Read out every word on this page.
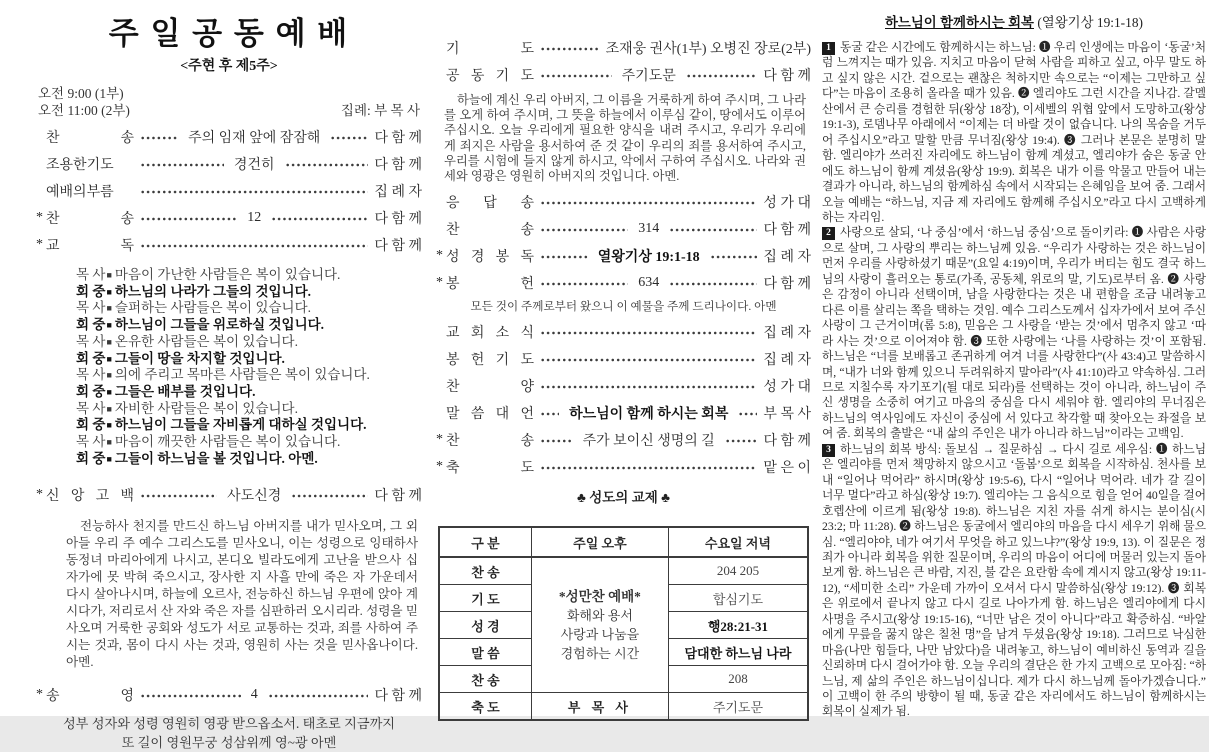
주 일 공 동 예 배
<주현 후 제5주>
오전 9:00 (1부)
오전 11:00 (2부)	집례: 부 목 사
찬 송	주의 임재 앞에 잠잠해	다 함 께
조용한기도	경건히	다 함 께
예배의부름	집 례 자
* 찬 송	12	다 함 께
* 교 독	다 함 께
목 사■ 마음이 가난한 사람들은 복이 있습니다.
회 중■ 하느님의 나라가 그들의 것입니다.
목 사■ 슬퍼하는 사람들은 복이 있습니다.
회 중■ 하느님이 그들을 위로하실 것입니다.
목 사■ 온유한 사람들은 복이 있습니다.
회 중■ 그들이 땅을 차지할 것입니다.
목 사■ 의에 주리고 목마른 사람들은 복이 있습니다.
회 중■ 그들은 배부를 것입니다.
목 사■ 자비한 사람들은 복이 있습니다.
회 중■ 하느님이 그들을 자비롭게 대하실 것입니다.
목 사■ 마음이 깨끗한 사람들은 복이 있습니다.
회 중■ 그들이 하느님을 볼 것입니다. 아멘.
* 신 앙 고 백	사도신경	다 함 께
전능하사 천지를 만드신 하느님 아버지를 내가 믿사오며, 그 외아들 우리 주 예수 그리스도를 믿사오니, 이는 성령으로 잉태하사 동정녀 마리아에게 나시고, 본디오 빌라도에게 고난을 받으사 십자가에 못 박혀 죽으시고, 장사한 지 사흘 만에 죽은 자 가운데서 다시 살아나시며, 하늘에 오르사, 전능하신 하느님 우편에 앉아 계시다가, 저리로서 산 자와 죽은 자를 심판하러 오시리라. 성령을 믿사오며 거룩한 공회와 성도가 서로 교통하는 것과, 죄를 사하여 주시는 것과, 몸이 다시 사는 것과, 영원히 사는 것을 믿사옵나이다. 아멘.
* 송 영	4	다 함 께
성부 성자와 성령 영원히 영광 받으옵소서. 태초로 지금까지
또 길이 영원무궁 성삼위께 영~광 아멘
기 도	조재웅 권사(1부) 오병진 장로(2부)
공 동 기 도	주기도문	다 함 께
하늘에 계신 우리 아버지, 그 이름을 거룩하게 하여 주시며, 그 나라를 오게 하여 주시며, 그 뜻을 하늘에서 이루심 같이, 땅에서도 이루어 주십시오. 오늘 우리에게 필요한 양식을 내려 주시고, 우리가 우리에게 죄지은 사람을 용서하여 준 것 같이 우리의 죄를 용서하여 주시고, 우리를 시험에 들지 않게 하시고, 악에서 구하여 주십시오. 나라와 권세와 영광은 영원히 아버지의 것입니다. 아멘.
응 답 송	성 가 대
찬 송	314	다 함 께
* 성 경 봉 독	열왕기상 19:1-18	집 례 자
* 봉 헌	634	다 함 께
모든 것이 주께로부터 왔으니 이 예물을 주께 드리나이다. 아멘
교 회 소 식	집 례 자
봉 헌 기 도	집 례 자
찬 양	성 가 대
말 씀 대 언	하느님이 함께 하시는 회복	부 목 사
* 찬 송	주가 보이신 생명의 길	다 함 께
* 축 도	맡 은 이
♣ 성도의 교제 ♣
구 분	주일 오후	수요일 저녁
찬 송	*성만찬 예배*
화해와 용서
사랑과 나눔을
경험하는 시간	204 205
기 도		합심기도
성 경		행28:21-31
말 씀		담대한 하느님 나라
찬 송		208
축 도	부 목 사	주기도문
하느님이 함께하시는 회복 (열왕기상 19:1-18)

1 동굴 같은 시간에도 함께하시는 하느님: ❶ 우리 인생에는 마음이 ‘동굴’처럼 느껴지는 때가 있음. 지치고 마음이 닫혀 사람을 피하고 싶고, 아무 말도 하고 싶지 않은 시간. 겉으로는 괜찮은 척하지만 속으로는 “이제는 그만하고 싶다”는 마음이 조용히 올라올 때가 있음. ❷ 엘리야도 그런 시간을 지나감. 갈멜산에서 큰 승리를 경험한 뒤(왕상 18장), 이세벨의 위협 앞에서 도망하고(왕상 19:1-3), 로뎀나무 아래에서 “이제는 더 바랄 것이 없습니다. 나의 목숨을 거두어 주십시오”라고 말할 만큼 무너짐(왕상 19:4). ❸ 그러나 본문은 분명히 말함. 엘리야가 쓰러진 자리에도 하느님이 함께 계셨고, 엘리야가 숨은 동굴 안에도 하느님이 함께 계셨음(왕상 19:9). 회복은 내가 이를 악물고 만들어 내는 결과가 아니라, 하느님의 함께하심 속에서 시작되는 은혜임을 보여 줌. 그래서 오늘 예배는 “하느님, 지금 제 자리에도 함께해 주십시오”라고 다시 고백하게 하는 자리임.

2 사랑으로 살되, ‘나 중심’에서 ‘하느님 중심’으로 돌이키라: ❶ 사람은 사랑으로 살며, 그 사랑의 뿌리는 하느님께 있음. “우리가 사랑하는 것은 하느님이 먼저 우리를 사랑하셨기 때문”(요일 4:19)이며, 우리가 버티는 힘도 결국 하느님의 사랑이 흘러오는 통로(가족, 공동체, 위로의 말, 기도)로부터 옴. ❷ 사랑은 감정이 아니라 선택이며, 남을 사랑한다는 것은 내 편함을 조금 내려놓고 다른 이를 살리는 쪽을 택하는 것임. 예수 그리스도께서 십자가에서 보여 주신 사랑이 그 근거이며(롬 5:8), 믿음은 그 사랑을 ‘받는 것’에서 멈추지 않고 ‘따라 사는 것’으로 이어져야 함. ❸ 또한 사랑에는 ‘나를 사랑하는 것’이 포함됨. 하느님은 “너를 보배롭고 존귀하게 여겨 너를 사랑한다”(사 43:4)고 말씀하시며, “내가 너와 함께 있으니 두려워하지 말아라”(사 41:10)라고 약속하심. 그러므로 지칠수록 자기포기(될 대로 되라)를 선택하는 것이 아니라, 하느님이 주신 생명을 소중히 여기고 마음의 중심을 다시 세워야 함. 엘리야의 무너짐은 하느님의 역사임에도 자신이 중심에 서 있다고 착각할 때 찾아오는 좌절을 보여 줌. 회복의 출발은 “내 삶의 주인은 내가 아니라 하느님”이라는 고백임.

3 하느님의 회복 방식: 돌보심 → 질문하심 → 다시 길로 세우심: ❶ 하느님은 엘리야를 먼저 책망하지 않으시고 ‘돌봄’으로 회복을 시작하심. 천사를 보내 “일어나 먹어라” 하시며(왕상 19:5-6), 다시 “일어나 먹어라. 네가 갈 길이 너무 멀다”라고 하심(왕상 19:7). 엘리야는 그 음식으로 힘을 얻어 40일을 걸어 호렙산에 이르게 됨(왕상 19:8). 하느님은 지친 자를 쉬게 하시는 분이심(시 23:2; 마 11:28). ❷ 하느님은 동굴에서 엘리야의 마음을 다시 세우기 위해 물으심. “엘리야야, 네가 여기서 무엇을 하고 있느냐?”(왕상 19:9, 13). 이 질문은 정죄가 아니라 회복을 위한 질문이며, 우리의 마음이 어디에 머물러 있는지 돌아보게 함. 하느님은 큰 바람, 지진, 불 같은 요란함 속에 계시지 않고(왕상 19:11-12), “세미한 소리” 가운데 가까이 오셔서 다시 말씀하심(왕상 19:12). ❸ 회복은 위로에서 끝나지 않고 다시 길로 나아가게 함. 하느님은 엘리야에게 다시 사명을 주시고(왕상 19:15-16), “너만 남은 것이 아니다”라고 확증하심. “바알에게 무릎을 꿇지 않은 칠천 명”을 남겨 두셨음(왕상 19:18). 그러므로 낙심한 마음(나만 힘들다, 나만 남았다)을 내려놓고, 하느님이 예비하신 동역과 길을 신뢰하며 다시 걸어가야 함. 오늘 우리의 결단은 한 가지 고백으로 모아짐: “하느님, 제 삶의 주인은 하느님이십니다. 제가 다시 하느님께 돌아가겠습니다.” 이 고백이 한 주의 방향이 될 때, 동굴 같은 자리에서도 하느님이 함께하시는 회복이 실제가 됨.
